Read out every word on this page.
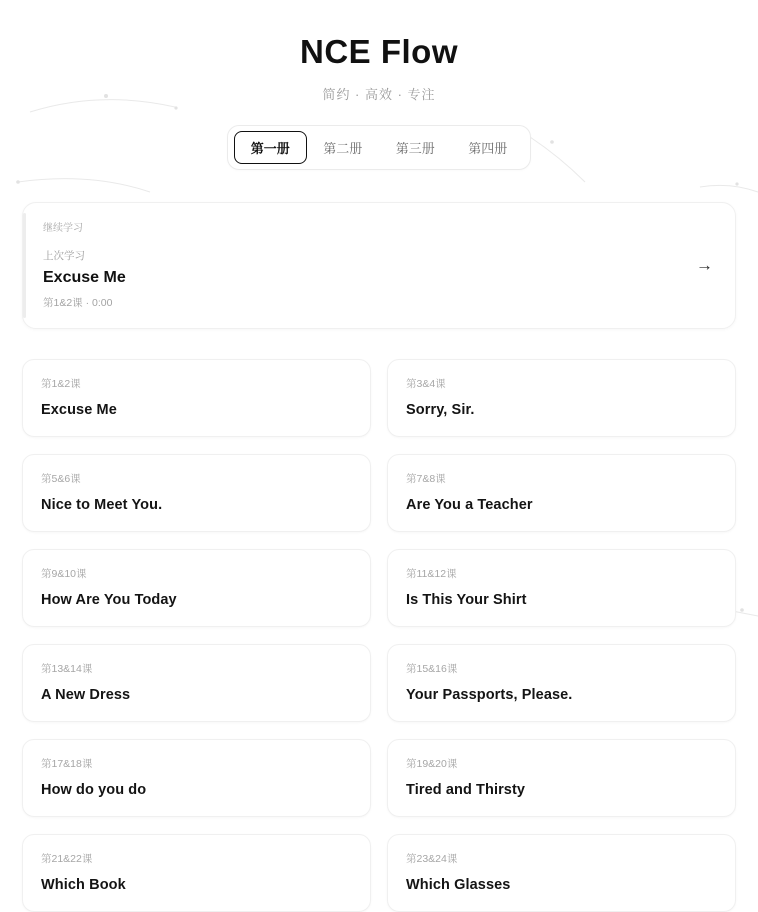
NCE Flow
简约 · 高效 · 专注
第一册	第二册	第三册	第四册
继续学习
上次学习
Excuse Me
第1&2课 · 0:00
→
第1&2课
Excuse Me
第3&4课
Sorry, Sir.
第5&6课
Nice to Meet You.
第7&8课
Are You a Teacher
第9&10课
How Are You Today
第11&12课
Is This Your Shirt
第13&14课
A New Dress
第15&16课
Your Passports, Please.
第17&18课
How do you do
第19&20课
Tired and Thirsty
第21&22课
Which Book
第23&24课
Which Glasses
